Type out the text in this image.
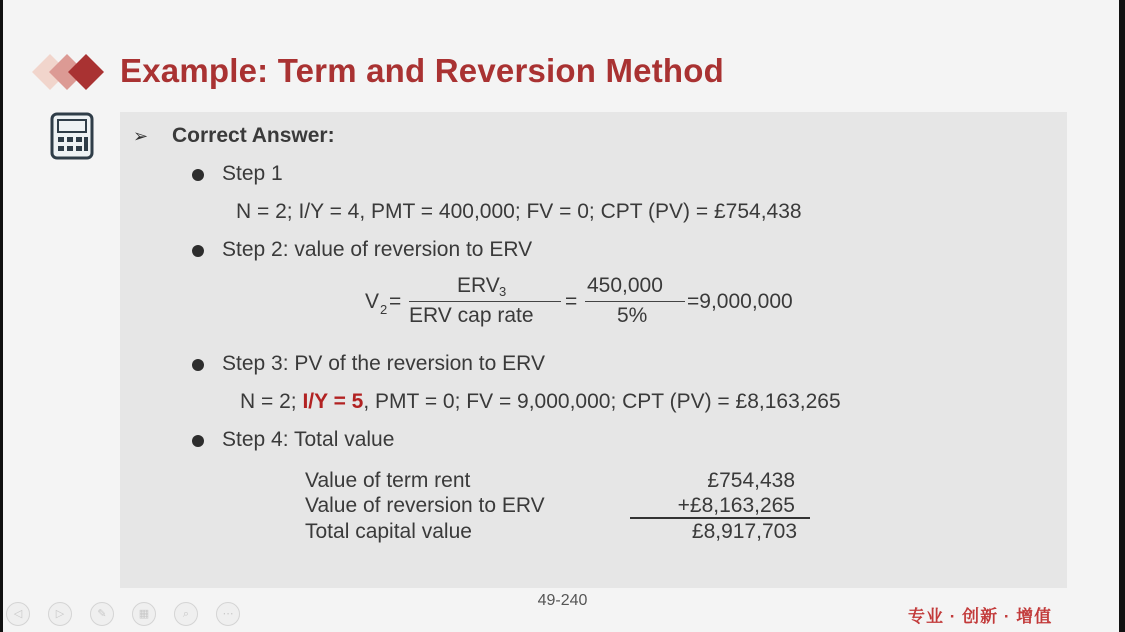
Example: Term and Reversion Method
➢ Correct Answer:
Step 1
N = 2; I/Y = 4, PMT = 400,000; FV = 0; CPT (PV) = £754,438
Step 2: value of reversion to ERV
V 2 =
ERV 3
ERV cap rate
=
450,000
5%
=9,000,000
Step 3: PV of the reversion to ERV
N = 2; I/Y = 5, PMT = 0; FV = 9,000,000; CPT (PV) = £8,163,265
Step 4: Total value
Value of term rent	£754,438
Value of reversion to ERV	+£8,163,265
Total capital value	£8,917,703
49-240
◁	▷	✎	▦	⌕	⋯	专业 · 创新 · 增值
